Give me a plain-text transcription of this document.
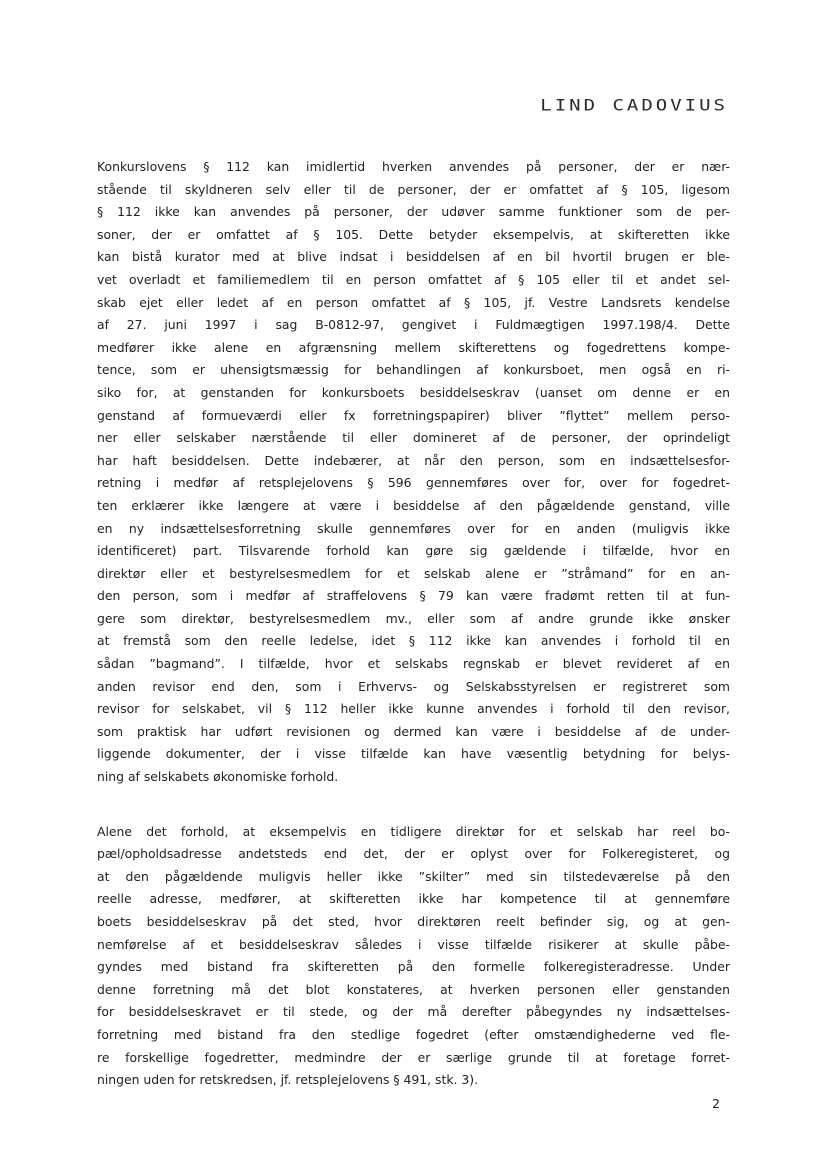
LIND CADOVIUS
Konkurslovens § 112 kan imidlertid hverken anvendes på personer, der er nær-
stående til skyldneren selv eller til de personer, der er omfattet af § 105, ligesom
§ 112 ikke kan anvendes på personer, der udøver samme funktioner som de per-
soner, der er omfattet af § 105. Dette betyder eksempelvis, at skifteretten ikke
kan bistå kurator med at blive indsat i besiddelsen af en bil hvortil brugen er ble-
vet overladt et familiemedlem til en person omfattet af § 105 eller til et andet sel-
skab ejet eller ledet af en person omfattet af § 105, jf. Vestre Landsrets kendelse
af 27. juni 1997 i sag B-0812-97, gengivet i Fuldmægtigen 1997.198/4. Dette
medfører ikke alene en afgrænsning mellem skifterettens og fogedrettens kompe-
tence, som er uhensigtsmæssig for behandlingen af konkursboet, men også en ri-
siko for, at genstanden for konkursboets besiddelseskrav (uanset om denne er en
genstand af formueværdi eller fx forretningspapirer) bliver ”flyttet” mellem perso-
ner eller selskaber nærstående til eller domineret af de personer, der oprindeligt
har haft besiddelsen. Dette indebærer, at når den person, som en indsættelsesfor-
retning i medfør af retsplejelovens § 596 gennemføres over for, over for fogedret-
ten erklærer ikke længere at være i besiddelse af den pågældende genstand, ville
en ny indsættelsesforretning skulle gennemføres over for en anden (muligvis ikke
identificeret) part. Tilsvarende forhold kan gøre sig gældende i tilfælde, hvor en
direktør eller et bestyrelsesmedlem for et selskab alene er ”stråmand” for en an-
den person, som i medfør af straffelovens § 79 kan være fradømt retten til at fun-
gere som direktør, bestyrelsesmedlem mv., eller som af andre grunde ikke ønsker
at fremstå som den reelle ledelse, idet § 112 ikke kan anvendes i forhold til en
sådan ”bagmand”. I tilfælde, hvor et selskabs regnskab er blevet revideret af en
anden revisor end den, som i Erhvervs- og Selskabsstyrelsen er registreret som
revisor for selskabet, vil § 112 heller ikke kunne anvendes i forhold til den revisor,
som praktisk har udført revisionen og dermed kan være i besiddelse af de under-
liggende dokumenter, der i visse tilfælde kan have væsentlig betydning for belys-
ning af selskabets økonomiske forhold.
Alene det forhold, at eksempelvis en tidligere direktør for et selskab har reel bo-
pæl/opholdsadresse andetsteds end det, der er oplyst over for Folkeregisteret, og
at den pågældende muligvis heller ikke ”skilter” med sin tilstedeværelse på den
reelle adresse, medfører, at skifteretten ikke har kompetence til at gennemføre
boets besiddelseskrav på det sted, hvor direktøren reelt befinder sig, og at gen-
nemførelse af et besiddelseskrav således i visse tilfælde risikerer at skulle påbe-
gyndes med bistand fra skifteretten på den formelle folkeregisteradresse. Under
denne forretning må det blot konstateres, at hverken personen eller genstanden
for besiddelseskravet er til stede, og der må derefter påbegyndes ny indsættelses-
forretning med bistand fra den stedlige fogedret (efter omstændighederne ved fle-
re forskellige fogedretter, medmindre der er særlige grunde til at foretage forret-
ningen uden for retskredsen, jf. retsplejelovens § 491, stk. 3).
2
